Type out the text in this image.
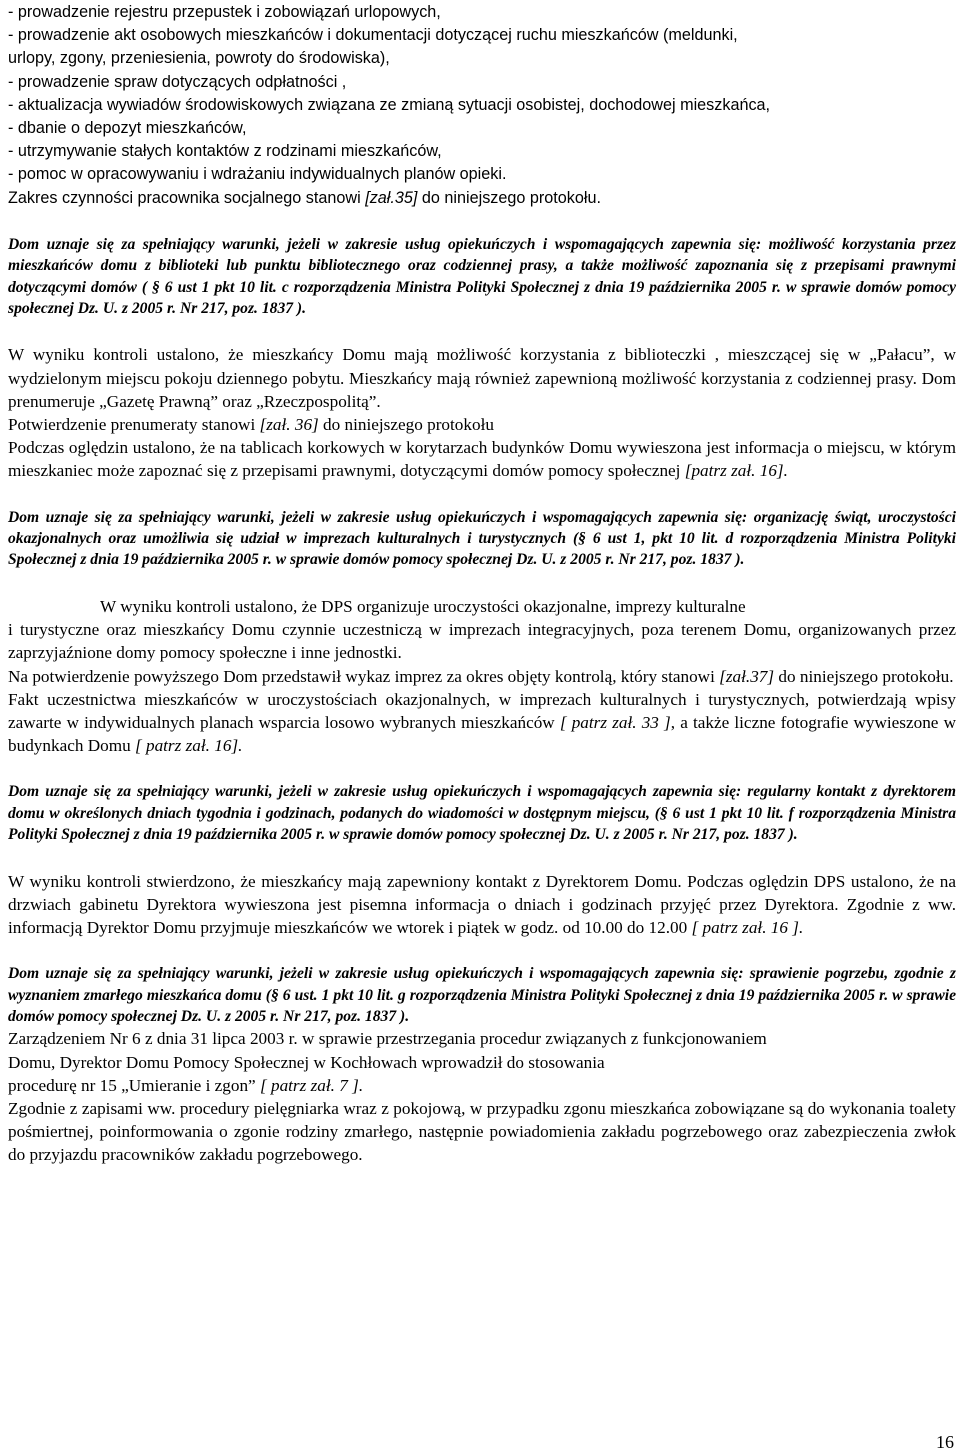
- prowadzenie rejestru przepustek i zobowiązań urlopowych,
- prowadzenie akt osobowych mieszkańców i dokumentacji dotyczącej ruchu mieszkańców (meldunki,
urlopy, zgony, przeniesienia, powroty do środowiska),
- prowadzenie spraw dotyczących odpłatności ,
- aktualizacja wywiadów środowiskowych związana ze zmianą sytuacji osobistej, dochodowej mieszkańca,
- dbanie o depozyt mieszkańców,
- utrzymywanie stałych kontaktów z rodzinami mieszkańców,
- pomoc w opracowywaniu i wdrażaniu indywidualnych planów opieki.

Zakres czynności pracownika socjalnego stanowi [zał.35] do niniejszego protokołu.

Dom uznaje się za spełniający warunki, jeżeli w zakresie usług opiekuńczych i wspomagających zapewnia się: możliwość korzystania przez mieszkańców domu z biblioteki lub punktu bibliotecznego oraz codziennej prasy, a także możliwość zapoznania się z przepisami prawnymi dotyczącymi domów ( § 6 ust 1 pkt 10 lit. c rozporządzenia Ministra Polityki Społecznej z dnia 19 października 2005 r. w sprawie domów pomocy społecznej Dz. U. z 2005 r. Nr 217, poz. 1837 ).

W wyniku kontroli ustalono, że mieszkańcy Domu mają możliwość korzystania z biblioteczki , mieszczącej się w „Pałacu”, w wydzielonym miejscu pokoju dziennego pobytu. Mieszkańcy mają również zapewnioną możliwość korzystania z codziennej prasy. Dom prenumeruje „Gazetę Prawną” oraz „Rzeczpospolitą”.

Potwierdzenie prenumeraty stanowi [zał. 36] do niniejszego protokołu

Podczas oględzin ustalono, że na tablicach korkowych w korytarzach budynków Domu wywieszona jest informacja o miejscu, w którym mieszkaniec może zapoznać się z przepisami prawnymi, dotyczącymi domów pomocy społecznej [patrz zał. 16].

Dom uznaje się za spełniający warunki, jeżeli w zakresie usług opiekuńczych i wspomagających zapewnia się: organizację świąt, uroczystości okazjonalnych oraz umożliwia się udział w imprezach kulturalnych i turystycznych (§ 6 ust 1, pkt 10 lit. d rozporządzenia Ministra Polityki Społecznej z dnia 19 października 2005 r. w sprawie domów pomocy społecznej Dz. U. z 2005 r. Nr 217, poz. 1837 ).

W wyniku kontroli ustalono, że DPS organizuje uroczystości okazjonalne, imprezy kulturalne

i turystyczne oraz mieszkańcy Domu czynnie uczestniczą w imprezach integracyjnych, poza terenem Domu, organizowanych przez zaprzyjaźnione domy pomocy społeczne i inne jednostki.

Na potwierdzenie powyższego Dom przedstawił wykaz imprez za okres objęty kontrolą, który stanowi [zał.37] do niniejszego protokołu.

Fakt uczestnictwa mieszkańców w uroczystościach okazjonalnych, w imprezach kulturalnych i turystycznych, potwierdzają wpisy zawarte w indywidualnych planach wsparcia losowo wybranych mieszkańców [ patrz zał. 33 ], a także liczne fotografie wywieszone w budynkach Domu [ patrz zał. 16].

Dom uznaje się za spełniający warunki, jeżeli w zakresie usług opiekuńczych i wspomagających zapewnia się: regularny kontakt z dyrektorem domu w określonych dniach tygodnia i godzinach, podanych do wiadomości w dostępnym miejscu, (§ 6 ust 1 pkt 10 lit. f rozporządzenia Ministra Polityki Społecznej z dnia 19 października 2005 r. w sprawie domów pomocy społecznej Dz. U. z 2005 r. Nr 217, poz. 1837 ).

W wyniku kontroli stwierdzono, że mieszkańcy mają zapewniony kontakt z Dyrektorem Domu. Podczas oględzin DPS ustalono, że na drzwiach gabinetu Dyrektora wywieszona jest pisemna informacja o dniach i godzinach przyjęć przez Dyrektora. Zgodnie z ww. informacją Dyrektor Domu przyjmuje mieszkańców we wtorek i piątek w godz. od 10.00 do 12.00 [ patrz zał. 16 ].

Dom uznaje się za spełniający warunki, jeżeli w zakresie usług opiekuńczych i wspomagających zapewnia się: sprawienie pogrzebu, zgodnie z wyznaniem zmarłego mieszkańca domu (§ 6 ust. 1 pkt 10 lit. g rozporządzenia Ministra Polityki Społecznej z dnia 19 października 2005 r. w sprawie domów pomocy społecznej Dz. U. z 2005 r. Nr 217, poz. 1837 ).

Zarządzeniem Nr 6 z dnia 31 lipca 2003 r. w sprawie przestrzegania procedur związanych z funkcjonowaniem
Domu, Dyrektor Domu Pomocy Społecznej w Kochłowach wprowadził do stosowania

procedurę nr 15 „Umieranie i zgon” [ patrz zał. 7 ].

Zgodnie z zapisami ww. procedury pielęgniarka wraz z pokojową, w przypadku zgonu mieszkańca zobowiązane są do wykonania toalety pośmiertnej, poinformowania o zgonie rodziny zmarłego, następnie powiadomienia zakładu pogrzebowego oraz zabezpieczenia zwłok do przyjazdu pracowników zakładu pogrzebowego.

16
